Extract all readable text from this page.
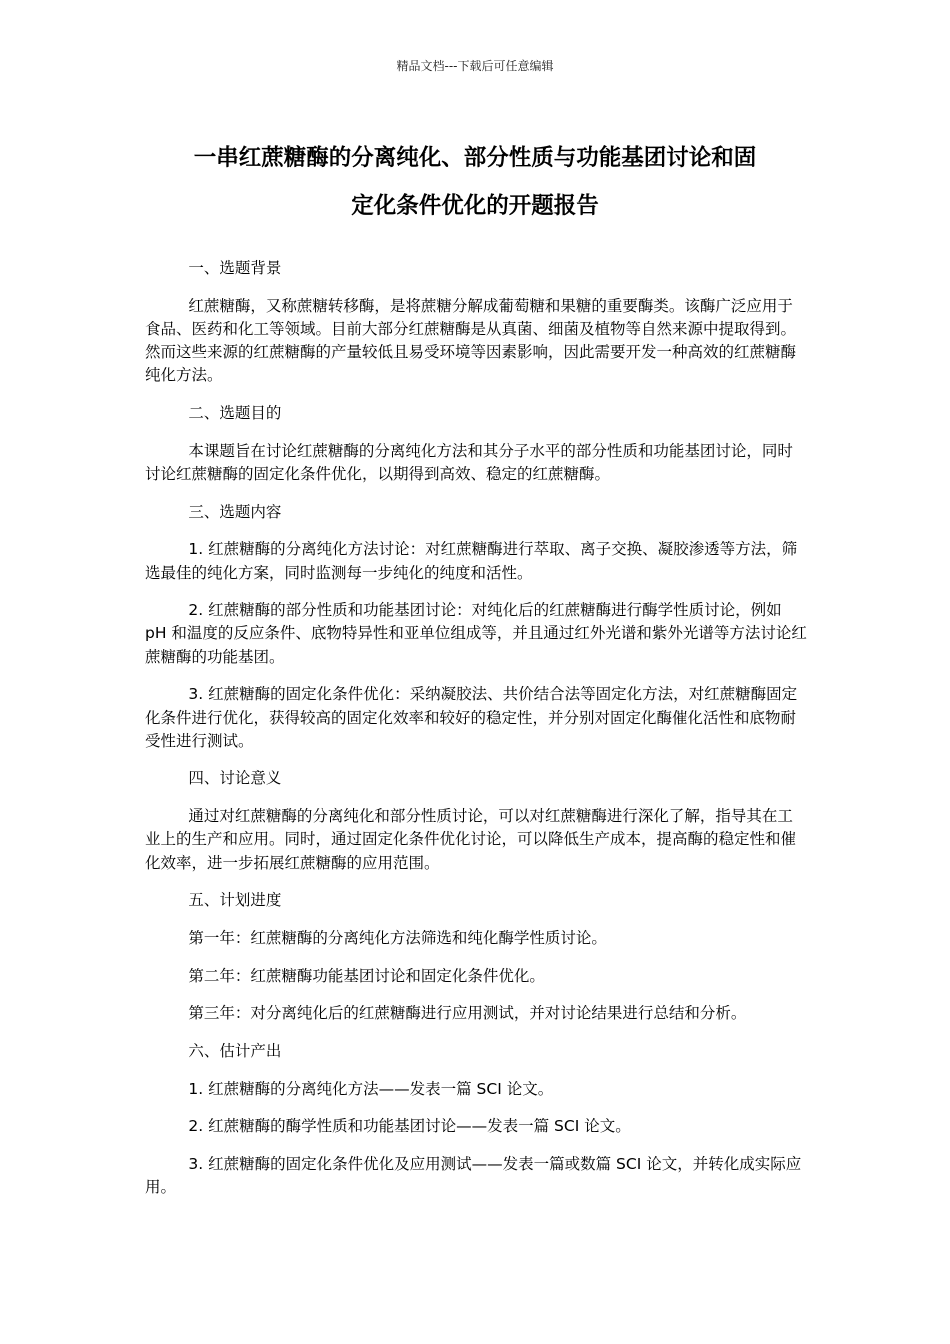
精品文档---下载后可任意编辑
一串红蔗糖酶的分离纯化、部分性质与功能基团讨论和固
定化条件优化的开题报告

一、选题背景

红蔗糖酶，又称蔗糖转移酶，是将蔗糖分解成葡萄糖和果糖的重要酶类。该酶广泛应用于食品、医药和化工等领域。目前大部分红蔗糖酶是从真菌、细菌及植物等自然来源中提取得到。然而这些来源的红蔗糖酶的产量较低且易受环境等因素影响，因此需要开发一种高效的红蔗糖酶纯化方法。

二、选题目的

本课题旨在讨论红蔗糖酶的分离纯化方法和其分子水平的部分性质和功能基团讨论，同时讨论红蔗糖酶的固定化条件优化，以期得到高效、稳定的红蔗糖酶。

三、选题内容

1. 红蔗糖酶的分离纯化方法讨论：对红蔗糖酶进行萃取、离子交换、凝胶渗透等方法，筛选最佳的纯化方案，同时监测每一步纯化的纯度和活性。

2. 红蔗糖酶的部分性质和功能基团讨论：对纯化后的红蔗糖酶进行酶学性质讨论，例如 pH 和温度的反应条件、底物特异性和亚单位组成等，并且通过红外光谱和紫外光谱等方法讨论红蔗糖酶的功能基团。

3. 红蔗糖酶的固定化条件优化：采纳凝胶法、共价结合法等固定化方法，对红蔗糖酶固定化条件进行优化，获得较高的固定化效率和较好的稳定性，并分别对固定化酶催化活性和底物耐受性进行测试。

四、讨论意义

通过对红蔗糖酶的分离纯化和部分性质讨论，可以对红蔗糖酶进行深化了解，指导其在工业上的生产和应用。同时，通过固定化条件优化讨论，可以降低生产成本，提高酶的稳定性和催化效率，进一步拓展红蔗糖酶的应用范围。

五、计划进度

第一年：红蔗糖酶的分离纯化方法筛选和纯化酶学性质讨论。

第二年：红蔗糖酶功能基团讨论和固定化条件优化。

第三年：对分离纯化后的红蔗糖酶进行应用测试，并对讨论结果进行总结和分析。

六、估计产出

1. 红蔗糖酶的分离纯化方法——发表一篇 SCI 论文。

2. 红蔗糖酶的酶学性质和功能基团讨论——发表一篇 SCI 论文。

3. 红蔗糖酶的固定化条件优化及应用测试——发表一篇或数篇 SCI 论文，并转化成实际应用。
